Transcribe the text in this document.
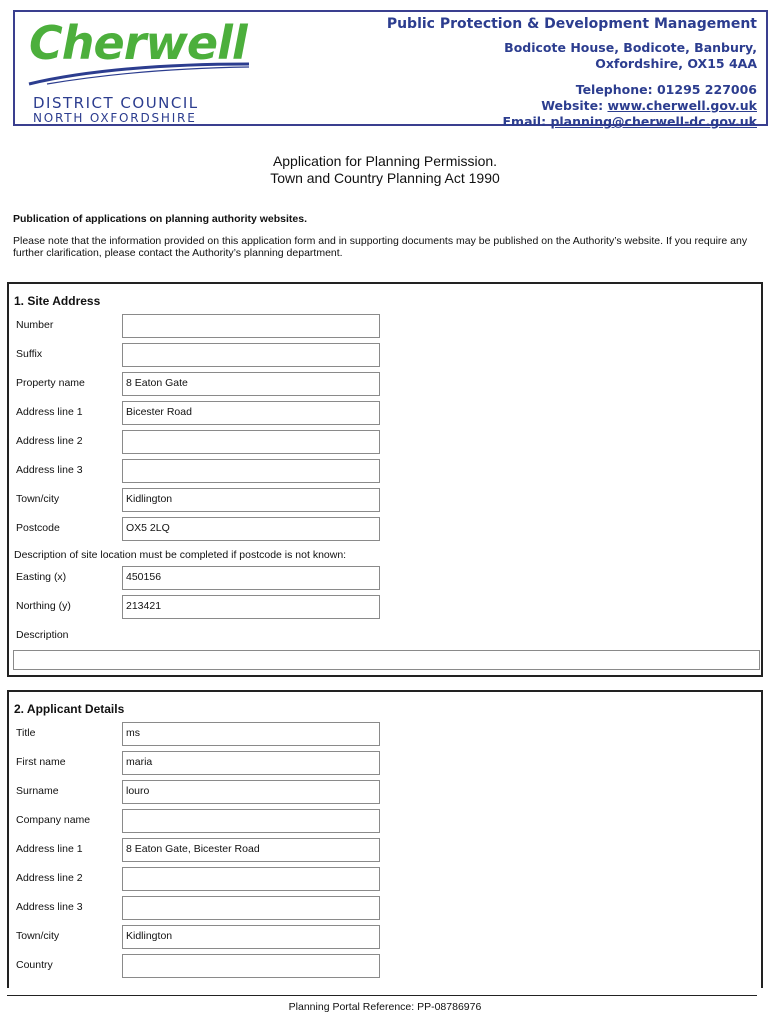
Cherwell
DISTRICT COUNCIL
NORTH OXFORDSHIRE
Public Protection & Development Management
Bodicote House, Bodicote, Banbury,
Oxfordshire, OX15 4AA
Telephone: 01295 227006
Website: www.cherwell.gov.uk
Email: planning@cherwell-dc.gov.uk
Application for Planning Permission.
Town and Country Planning Act 1990
Publication of applications on planning authority websites.
Please note that the information provided on this application form and in supporting documents may be published on the Authority’s website. If you require any further clarification, please contact the Authority’s planning department.
1. Site Address
Number
Suffix
Property name	8 Eaton Gate
Address line 1	Bicester Road
Address line 2
Address line 3
Town/city	Kidlington
Postcode	OX5 2LQ
Description of site location must be completed if postcode is not known:
Easting (x)	450156
Northing (y)	213421
Description
2. Applicant Details
Title	ms
First name	maria
Surname	louro
Company name
Address line 1	8 Eaton Gate, Bicester Road
Address line 2
Address line 3
Town/city	Kidlington
Country
Planning Portal Reference: PP-08786976
